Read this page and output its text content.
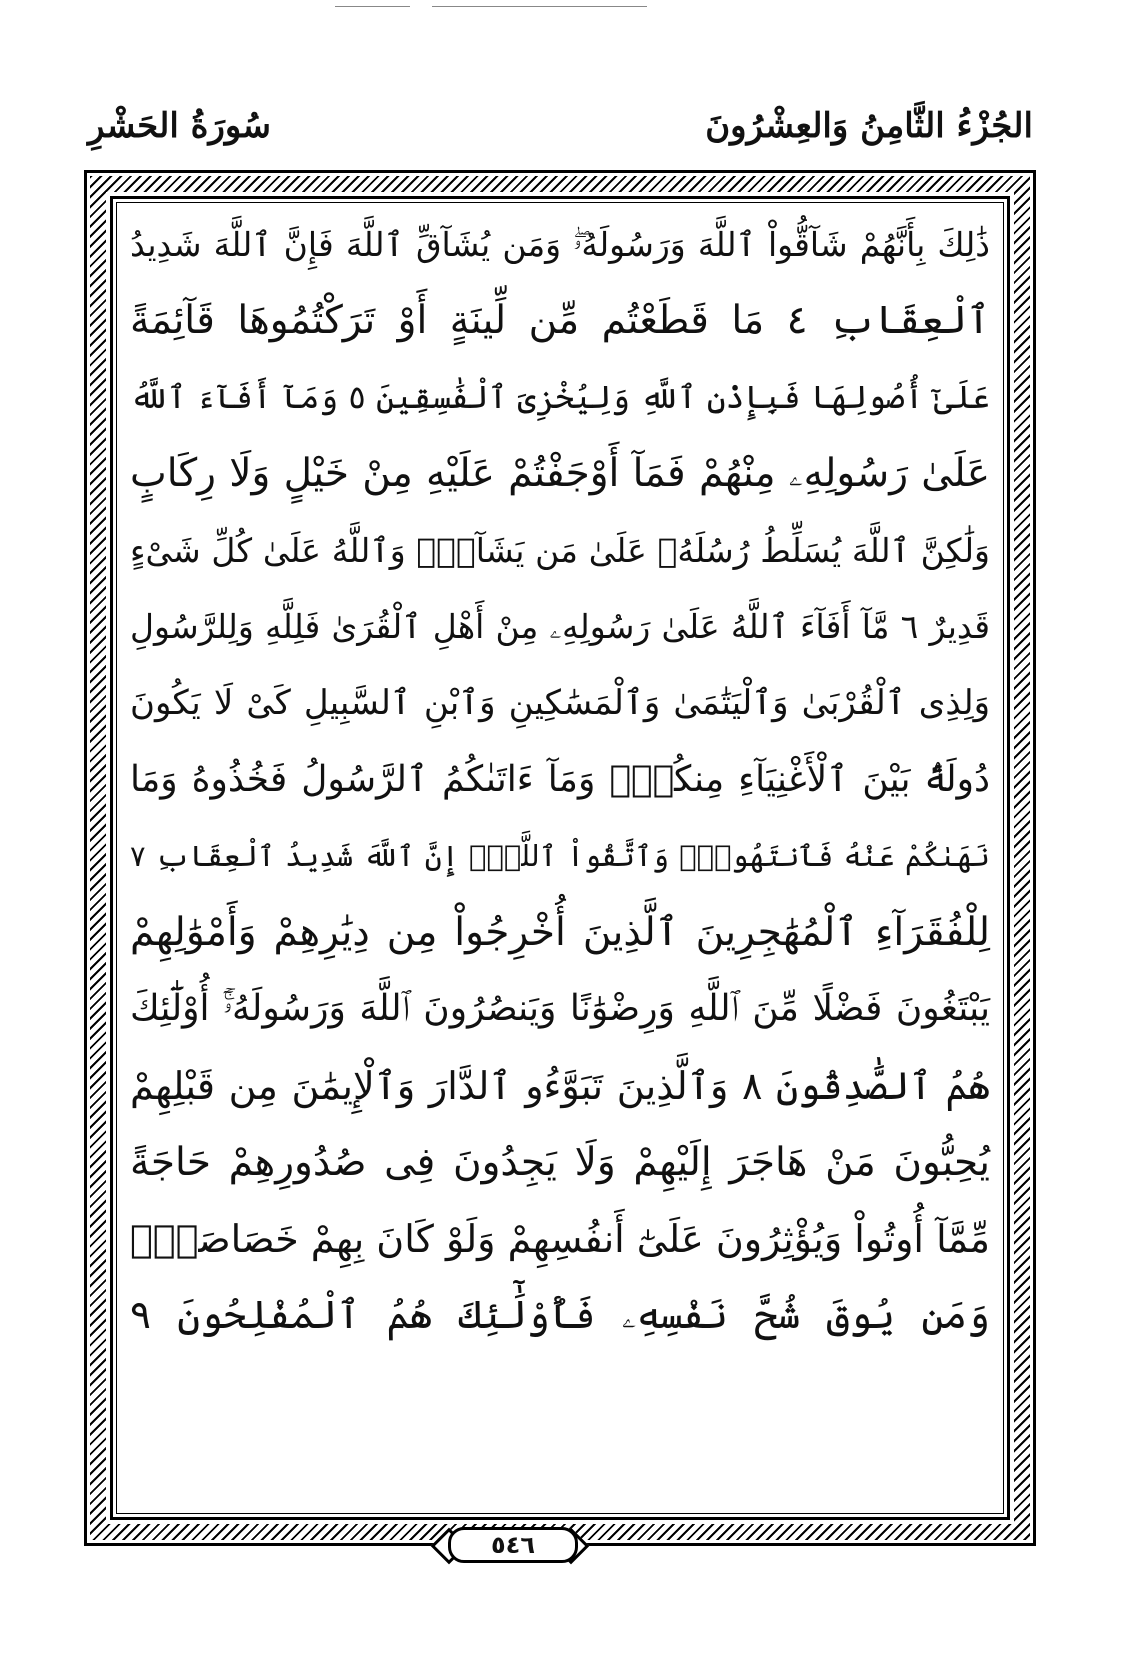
الجُزْءُ الثَّامِنُ وَالعِشْرُونَ
سُورَةُ الحَشْرِ
ذَٰلِكَ بِأَنَّهُمْ شَآقُّواْ ٱللَّهَ وَرَسُولَهُۥۖ وَمَن يُشَآقِّ ٱللَّهَ فَإِنَّ ٱللَّهَ شَدِيدُ
ٱلْعِقَابِ ٤ مَا قَطَعْتُم مِّن لِّينَةٍ أَوْ تَرَكْتُمُوهَا قَآئِمَةً
عَلَىٰٓ أُصُولِهَا فَبِإِذْنِ ٱللَّهِ وَلِيُخْزِىَ ٱلْفَٰسِقِينَ ٥ وَمَآ أَفَآءَ ٱللَّهُ
عَلَىٰ رَسُولِهِۦ مِنْهُمْ فَمَآ أَوْجَفْتُمْ عَلَيْهِ مِنْ خَيْلٍ وَلَا رِكَابٍ
وَلَٰكِنَّ ٱللَّهَ يُسَلِّطُ رُسُلَهُۥ عَلَىٰ مَن يَشَآءُۚ وَٱللَّهُ عَلَىٰ كُلِّ شَىْءٍ
قَدِيرٌ ٦ مَّآ أَفَآءَ ٱللَّهُ عَلَىٰ رَسُولِهِۦ مِنْ أَهْلِ ٱلْقُرَىٰ فَلِلَّهِ وَلِلرَّسُولِ
وَلِذِى ٱلْقُرْبَىٰ وَٱلْيَتَٰمَىٰ وَٱلْمَسَٰكِينِ وَٱبْنِ ٱلسَّبِيلِ كَىْ لَا يَكُونَ
دُولَةًۢ بَيْنَ ٱلْأَغْنِيَآءِ مِنكُمْۚ وَمَآ ءَاتَىٰكُمُ ٱلرَّسُولُ فَخُذُوهُ وَمَا
نَهَىٰكُمْ عَنْهُ فَٱنتَهُواْۚ وَٱتَّقُواْ ٱللَّهَۖ إِنَّ ٱللَّهَ شَدِيدُ ٱلْعِقَابِ ٧
لِلْفُقَرَآءِ ٱلْمُهَٰجِرِينَ ٱلَّذِينَ أُخْرِجُواْ مِن دِيَٰرِهِمْ وَأَمْوَٰلِهِمْ
يَبْتَغُونَ فَضْلًا مِّنَ ٱللَّهِ وَرِضْوَٰنًا وَيَنصُرُونَ ٱللَّهَ وَرَسُولَهُۥٓۚ أُوْلَٰٓئِكَ
هُمُ ٱلصَّٰدِقُونَ ٨ وَٱلَّذِينَ تَبَوَّءُو ٱلدَّارَ وَٱلْإِيمَٰنَ مِن قَبْلِهِمْ
يُحِبُّونَ مَنْ هَاجَرَ إِلَيْهِمْ وَلَا يَجِدُونَ فِى صُدُورِهِمْ حَاجَةً
مِّمَّآ أُوتُواْ وَيُؤْثِرُونَ عَلَىٰٓ أَنفُسِهِمْ وَلَوْ كَانَ بِهِمْ خَصَاصَةٌۚ
وَمَن يُوقَ شُحَّ نَفْسِهِۦ فَأُوْلَٰٓئِكَ هُمُ ٱلْمُفْلِحُونَ ٩
٥٤٦
